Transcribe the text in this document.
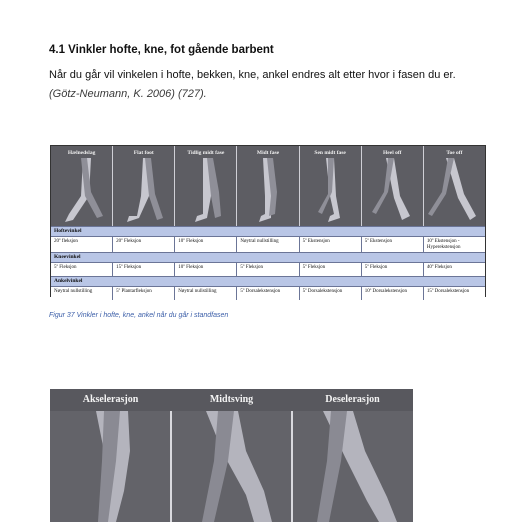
4.1 Vinkler hofte, kne, fot gående barbent

Når du går vil vinkelen i hofte, bekken, kne, ankel endres alt etter hvor i fasen du er.
(Götz-Neumann, K. 2006) (727).

Hælnedslag	Flat foot	Tidlig midt fase	Midt fase	Sen midt fase	Heel off	Toe off
Hoftevinkel
20º fleksjon	20º Fleksjon	10º Fleksjon	Nøytral nullstilling	5º Ekstensjon	5º Ekstensjon	10º Ekstensjon - Hyperekstensjon
Kneevinkel
5º Fleksjon	15º Fleksjon	10º Fleksjon	5º Fleksjon	5º Fleksjon	5º Fleksjon	40º Fleksjon
Ankelvinkel
Nøytral nullstilling	5º Plantarfleksjon	Nøytral nullstilling	5º Dorsalekstensjon	5º Dorsalekstensjon	10º Dorsalekstensjon	15º Dorsalekstensjon
Figur 37 Vinkler i hofte, kne, ankel når du går i standfasen
Akselerasjon	Midtsving	Deselerasjon
